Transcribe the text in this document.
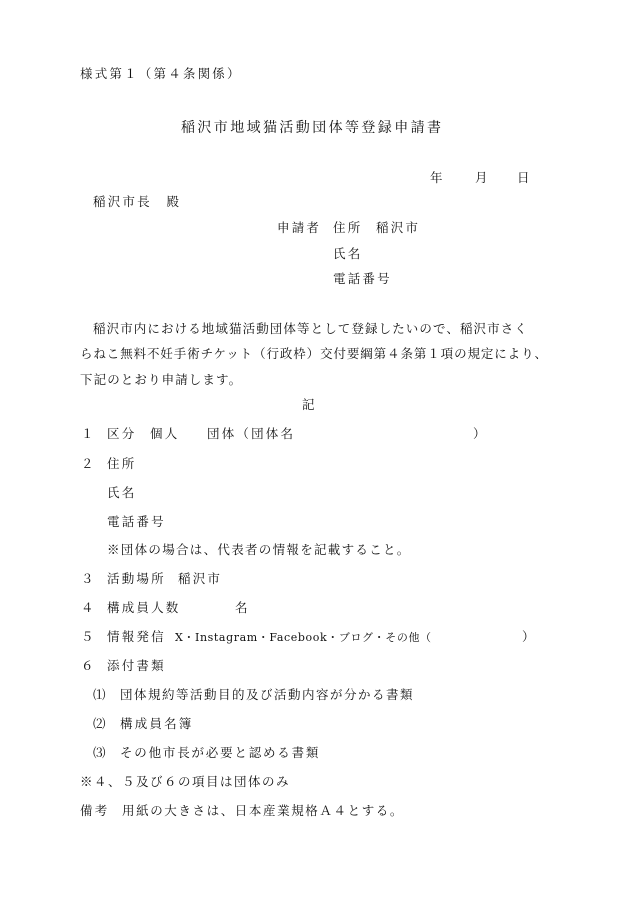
様式第１（第４条関係）
稲沢市地域猫活動団体等登録申請書
年	月 日
稲沢市長　殿
申請者 住所 稲沢市
氏名
電話番号
稲沢市内における地域猫活動団体等として登録したいので、稲沢市さく
らねこ無料不妊手術チケット（行政枠）交付要綱第４条第１項の規定により、
下記のとおり申請します。
記
１ 区分 個人 団体（団体名	）
２ 住所
氏名
電話番号
※団体の場合は、代表者の情報を記載すること。
３ 活動場所 稲沢市
４ 構成員人数	名
５ 情報発信 X・Instagram・Facebook・ブログ・その他（	）
６ 添付書類
⑴ 団体規約等活動目的及び活動内容が分かる書類
⑵ 構成員名簿
⑶ その他市長が必要と認める書類
※４、５及び６の項目は団体のみ
備考 用紙の大きさは、日本産業規格Ａ４とする。
